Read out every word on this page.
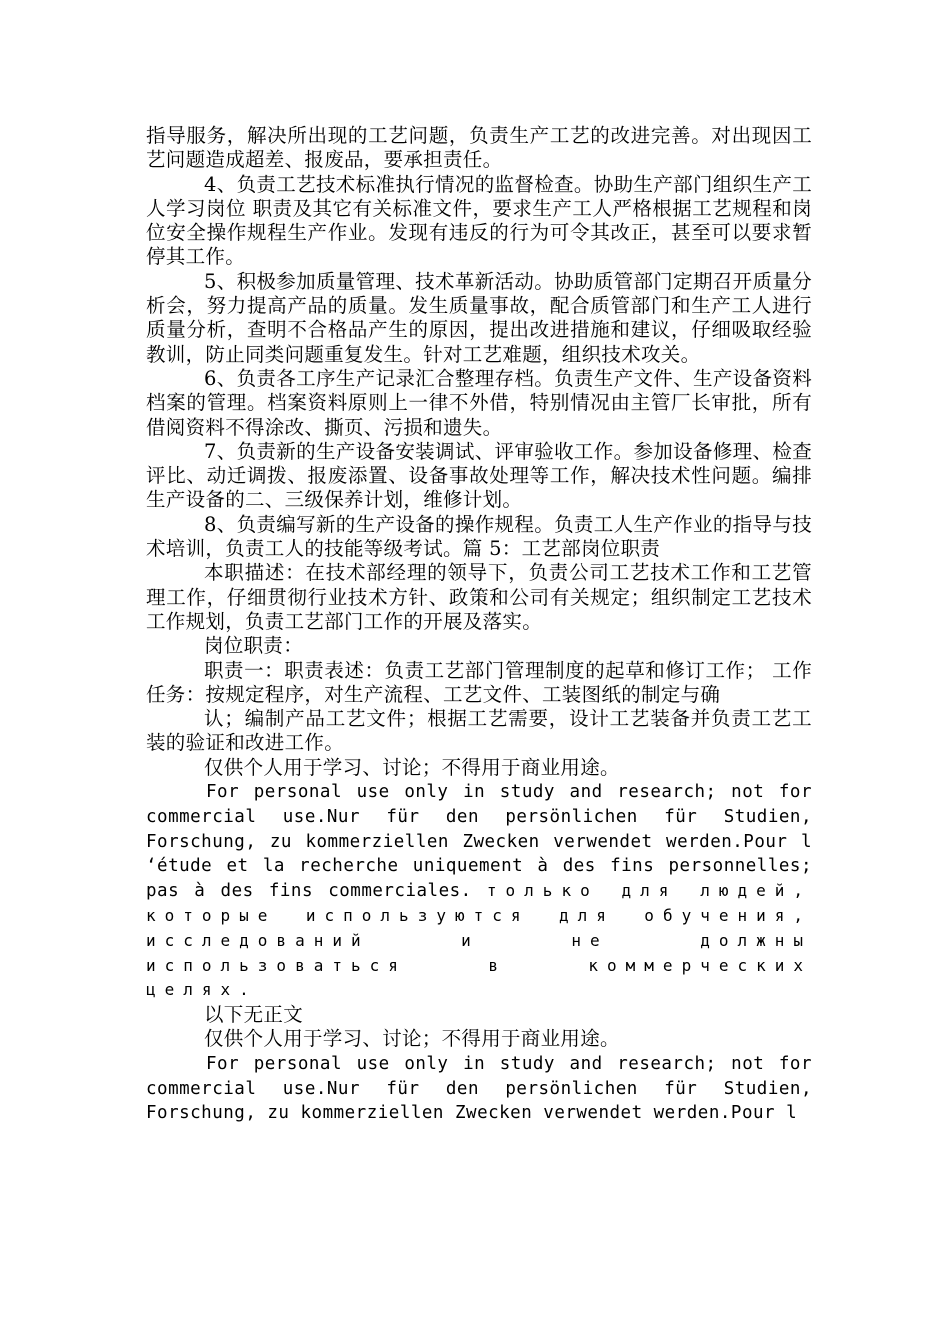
指导服务，解决所出现的工艺问题，负责生产工艺的改进完善。对出现因工艺问题造成超差、报废品，要承担责任。

4、负责工艺技术标准执行情况的监督检查。协助生产部门组织生产工人学习岗位 职责及其它有关标准文件，要求生产工人严格根据工艺规程和岗位安全操作规程生产作业。发现有违反的行为可令其改正，甚至可以要求暂停其工作。

5、积极参加质量管理、技术革新活动。协助质管部门定期召开质量分析会，努力提高产品的质量。发生质量事故，配合质管部门和生产工人进行质量分析，查明不合格品产生的原因，提出改进措施和建议，仔细吸取经验教训，防止同类问题重复发生。针对工艺难题，组织技术攻关。

6、负责各工序生产记录汇合整理存档。负责生产文件、生产设备资料档案的管理。档案资料原则上一律不外借，特别情况由主管厂长审批，所有借阅资料不得涂改、撕页、污损和遗失。

7、负责新的生产设备安装调试、评审验收工作。参加设备修理、检查评比、动迁调拨、报废添置、设备事故处理等工作，解决技术性问题。编排生产设备的二、三级保养计划，维修计划。

8、负责编写新的生产设备的操作规程。负责工人生产作业的指导与技术培训，负责工人的技能等级考试。篇 5：工艺部岗位职责

本职描述：在技术部经理的领导下，负责公司工艺技术工作和工艺管理工作，仔细贯彻行业技术方针、政策和公司有关规定；组织制定工艺技术工作规划，负责工艺部门工作的开展及落实。

岗位职责：

职责一：职责表述：负责工艺部门管理制度的起草和修订工作； 工作任务：按规定程序，对生产流程、工艺文件、工装图纸的制定与确

认；编制产品工艺文件；根据工艺需要，设计工艺装备并负责工艺工装的验证和改进工作。

仅供个人用于学习、讨论；不得用于商业用途。

For personal use only in study and research; not for commercial use.Nur für den persönlichen für Studien, Forschung, zu kommerziellen Zwecken verwendet werden.Pour l ‘étude et la recherche uniquement à des fins personnelles; pas à des fins commerciales. только для людей, которые используются для обучения, исследований и не должны использоваться в коммерческих целях.

以下无正文

仅供个人用于学习、讨论；不得用于商业用途。

For personal use only in study and research; not for commercial use.Nur für den persönlichen für Studien, Forschung, zu kommerziellen Zwecken verwendet werden.Pour l
